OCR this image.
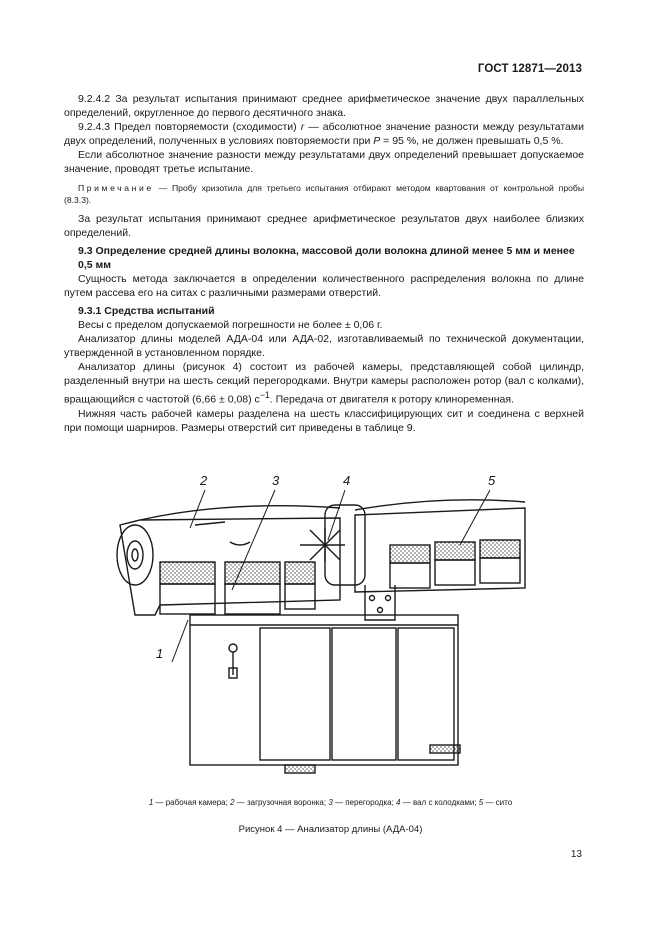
ГОСТ 12871—2013

9.2.4.2 За результат испытания принимают среднее арифметическое значение двух параллельных определений, округленное до первого десятичного знака.

9.2.4.3 Предел повторяемости (сходимости) r — абсолютное значение разности между результатами двух определений, полученных в условиях повторяемости при P = 95 %, не должен превышать 0,5 %.

Если абсолютное значение разности между результатами двух определений превышает допускаемое значение, проводят третье испытание.

Примечание — Пробу хризотила для третьего испытания отбирают методом квартования от контрольной пробы (8.3.3).

За результат испытания принимают среднее арифметическое результатов двух наиболее близких определений.

9.3 Определение средней длины волокна, массовой доли волокна длиной менее 5 мм и менее 0,5 мм

Сущность метода заключается в определении количественного распределения волокна по длине путем рассева его на ситах с различными размерами отверстий.

9.3.1 Средства испытаний

Весы с пределом допускаемой погрешности не более ± 0,06 г.

Анализатор длины моделей АДА-04 или АДА-02, изготавливаемый по технической документации, утвержденной в установленном порядке.

Анализатор длины (рисунок 4) состоит из рабочей камеры, представляющей собой цилиндр, разделенный внутри на шесть секций перегородками. Внутри камеры расположен ротор (вал с колками), вращающийся с частотой (6,66 ± 0,08) $с^{-1}$. Передача от двигателя к ротору клиноременная.

Нижняя часть рабочей камеры разделена на шесть классифицирующих сит и соединена с верхней при помощи шарниров. Размеры отверстий сит приведены в таблице 9.

1
2	3	4	5
1 — рабочая камера; 2 — загрузочная воронка; 3 — перегородка; 4 — вал с колодками; 5 — сито
Рисунок 4 — Анализатор длины (АДА-04)
13
